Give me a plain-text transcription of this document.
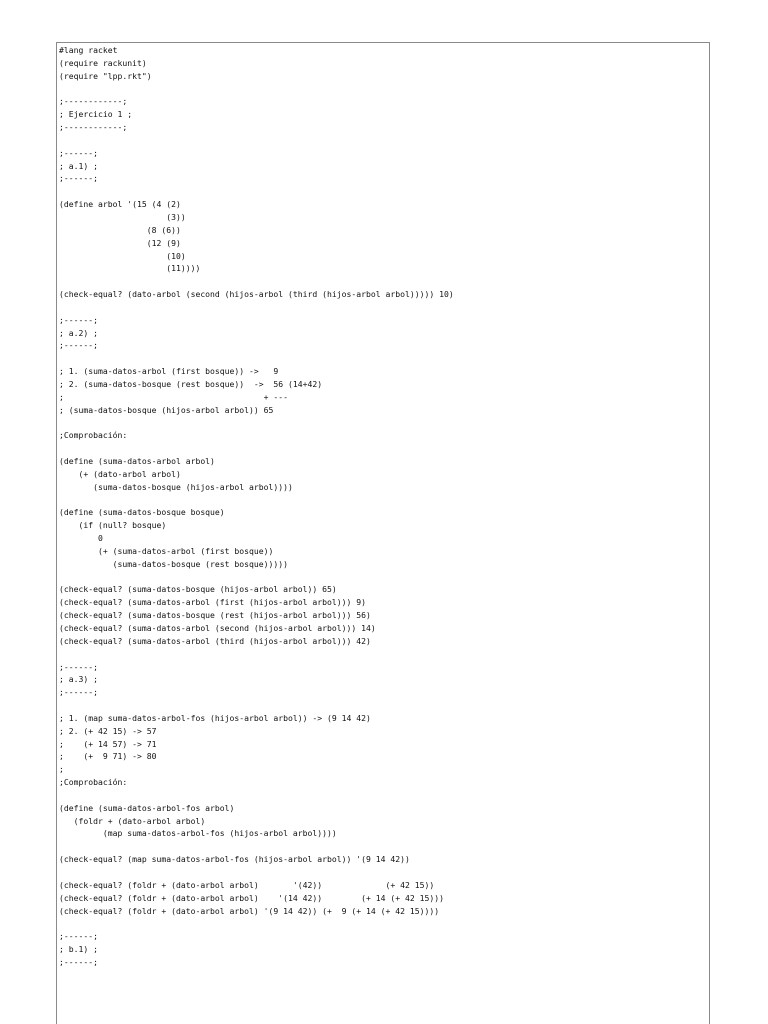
#lang racket
(require rackunit)
(require "lpp.rkt")

;------------;
; Ejercicio 1 ;
;------------;

;------;
; a.1) ;
;------;

(define arbol '(15 (4 (2)
(3))
(8 (6))
(12 (9)
(10)
(11))))

(check-equal? (dato-arbol (second (hijos-arbol (third (hijos-arbol arbol))))) 10)

;------;
; a.2) ;
;------;

; 1. (suma-datos-arbol (first bosque)) ->   9
; 2. (suma-datos-bosque (rest bosque))  ->  56 (14+42)
;                                         + ---
; (suma-datos-bosque (hijos-arbol arbol)) 65

;Comprobación:

(define (suma-datos-arbol arbol)
(+ (dato-arbol arbol)
(suma-datos-bosque (hijos-arbol arbol))))

(define (suma-datos-bosque bosque)
(if (null? bosque)
0
(+ (suma-datos-arbol (first bosque))
(suma-datos-bosque (rest bosque)))))

(check-equal? (suma-datos-bosque (hijos-arbol arbol)) 65)
(check-equal? (suma-datos-arbol (first (hijos-arbol arbol))) 9)
(check-equal? (suma-datos-bosque (rest (hijos-arbol arbol))) 56)
(check-equal? (suma-datos-arbol (second (hijos-arbol arbol))) 14)
(check-equal? (suma-datos-arbol (third (hijos-arbol arbol))) 42)

;------;
; a.3) ;
;------;

; 1. (map suma-datos-arbol-fos (hijos-arbol arbol)) -> (9 14 42)
; 2. (+ 42 15) -> 57
;    (+ 14 57) -> 71
;    (+  9 71) -> 80
;
;Comprobación:

(define (suma-datos-arbol-fos arbol)
(foldr + (dato-arbol arbol)
(map suma-datos-arbol-fos (hijos-arbol arbol))))

(check-equal? (map suma-datos-arbol-fos (hijos-arbol arbol)) '(9 14 42))

(check-equal? (foldr + (dato-arbol arbol)       '(42))             (+ 42 15))
(check-equal? (foldr + (dato-arbol arbol)    '(14 42))        (+ 14 (+ 42 15)))
(check-equal? (foldr + (dato-arbol arbol) '(9 14 42)) (+  9 (+ 14 (+ 42 15))))

;------;
; b.1) ;
;------;
